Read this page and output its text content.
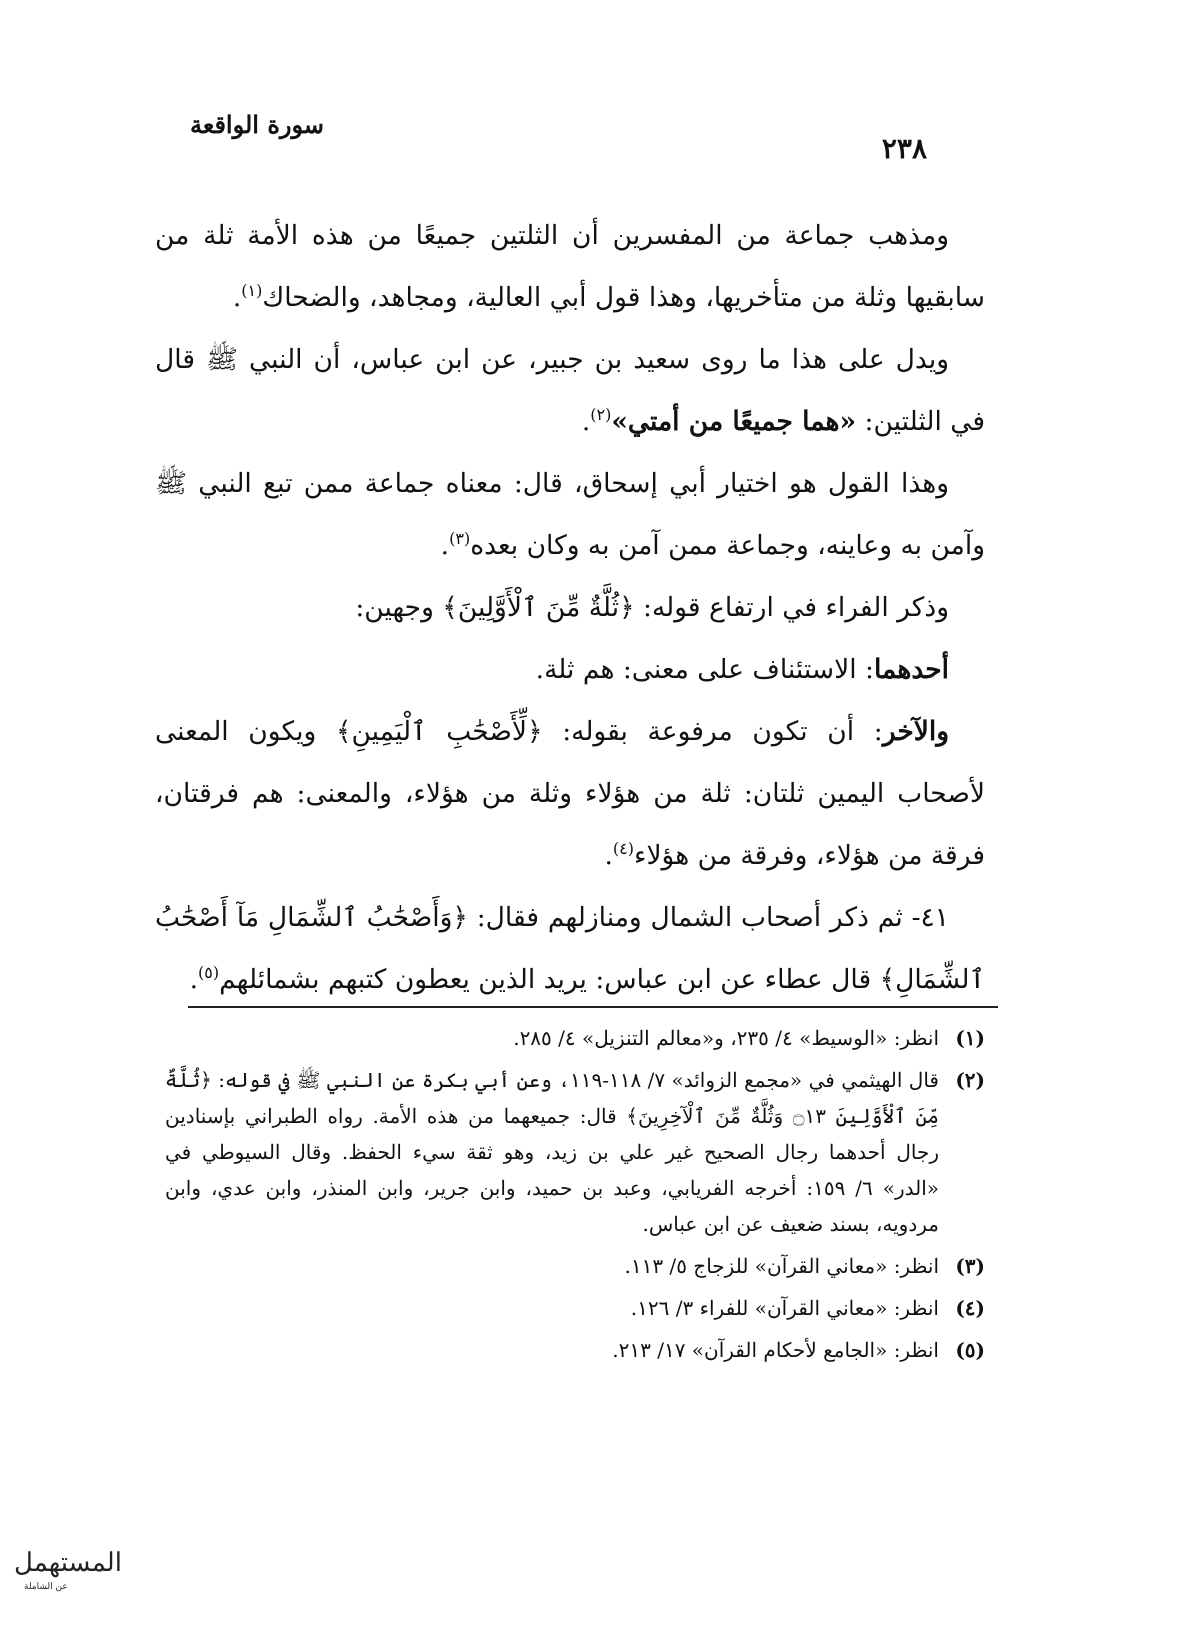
سورة الواقعة
٢٣٨

ومذهب جماعة من المفسرين أن الثلتين جميعًا من هذه الأمة ثلة من سابقيها وثلة من متأخريها، وهذا قول أبي العالية، ومجاهد، والضحاك$^{(١)}$.

ويدل على هذا ما روى سعيد بن جبير، عن ابن عباس، أن النبي ﷺ قال في الثلتين: «هما جميعًا من أمتي»$^{(٢)}$.

وهذا القول هو اختيار أبي إسحاق، قال: معناه جماعة ممن تبع النبي ﷺ وآمن به وعاينه، وجماعة ممن آمن به وكان بعده$^{(٣)}$.

وذكر الفراء في ارتفاع قوله: ﴿ثُلَّةٌ مِّنَ ٱلْأَوَّلِينَ﴾ وجهين:

أحدهما: الاستئناف على معنى: هم ثلة.

والآخر: أن تكون مرفوعة بقوله: ﴿لِّأَصْحَٰبِ ٱلْيَمِينِ﴾ ويكون المعنى لأصحاب اليمين ثلتان: ثلة من هؤلاء وثلة من هؤلاء، والمعنى: هم فرقتان، فرقة من هؤلاء، وفرقة من هؤلاء$^{(٤)}$.

٤١- ثم ذكر أصحاب الشمال ومنازلهم فقال: ﴿وَأَصْحَٰبُ ٱلشِّمَالِ مَآ أَصْحَٰبُ ٱلشِّمَالِ﴾ قال عطاء عن ابن عباس: يريد الذين يعطون كتبهم بشمائلهم$^{(٥)}$.

(١)
انظر: «الوسيط» ٤/ ٢٣٥، و«معالم التنزيل» ٤/ ٢٨٥.
(٢)
قال الهيثمي في «مجمع الزوائد» ٧/ ١١٨-١١٩، وعن أبي بكرة عن النبي ﷺ في قوله: ﴿ثُلَّةٌ مِّنَ ٱلْأَوَّلِينَ ۝١٣ وَثُلَّةٌ مِّنَ ٱلْآخِرِينَ﴾ قال: جميعهما من هذه الأمة. رواه الطبراني بإسنادين رجال أحدهما رجال الصحيح غير علي بن زيد، وهو ثقة سيء الحفظ. وقال السيوطي في «الدر» ٦/ ١٥٩: أخرجه الفريابي، وعبد بن حميد، وابن جرير، وابن المنذر، وابن عدي، وابن مردويه، بسند ضعيف عن ابن عباس.
(٣)
انظر: «معاني القرآن» للزجاج ٥/ ١١٣.
(٤)
انظر: «معاني القرآن» للفراء ٣/ ١٢٦.
(٥)
انظر: «الجامع لأحكام القرآن» ١٧/ ٢١٣.
المستهمل
عن الشاملة
